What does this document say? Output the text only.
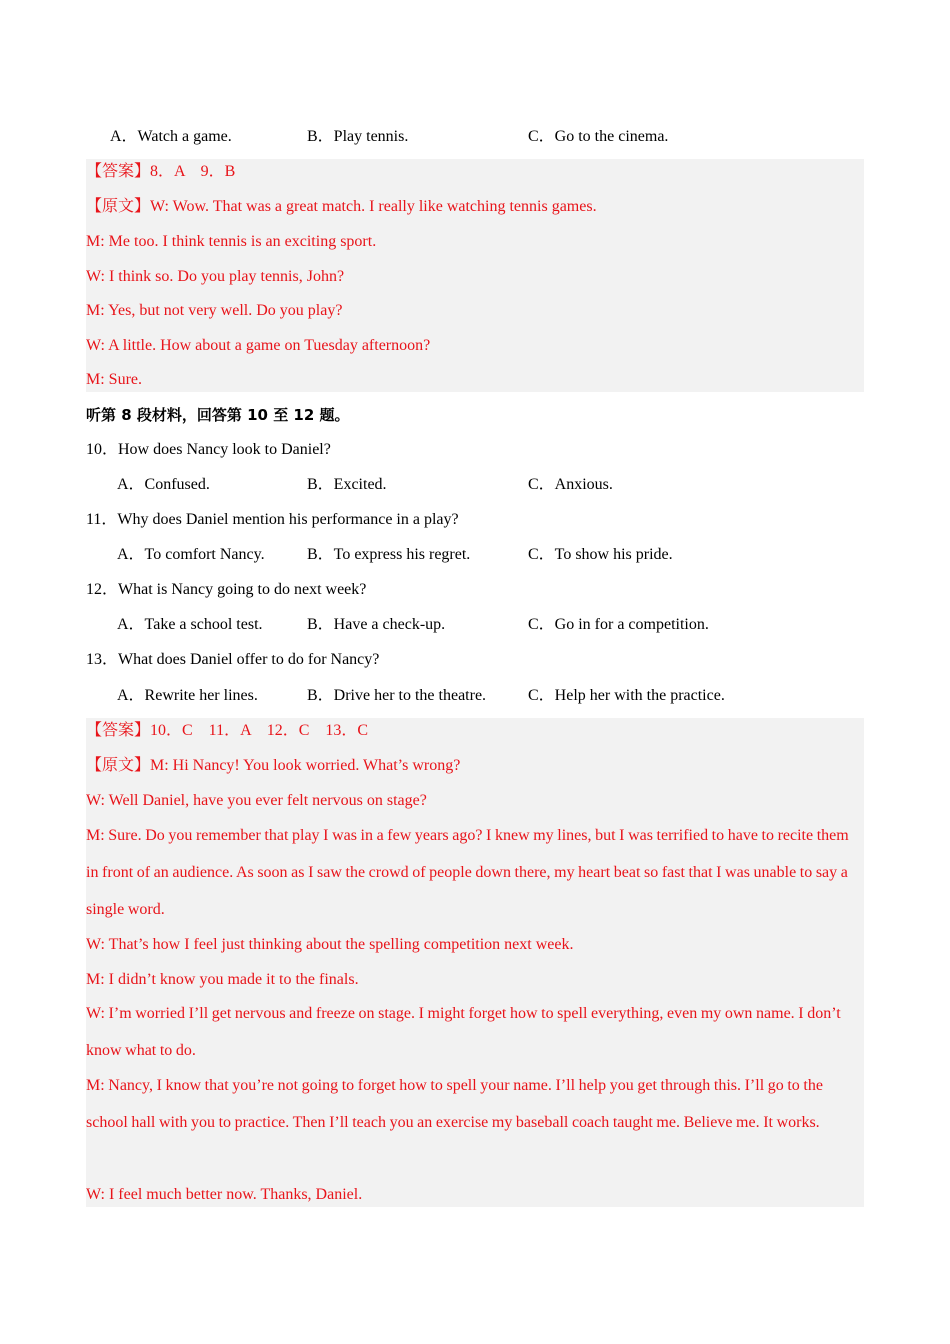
A．Watch a game.	B．Play tennis.	C．Go to the cinema.
【答案】8．A　9．B
【原文】W: Wow. That was a great match. I really like watching tennis games.
M: Me too. I think tennis is an exciting sport.
W: I think so. Do you play tennis, John?
M: Yes, but not very well. Do you play?
W: A little. How about a game on Tuesday afternoon?
M: Sure.
听第 8 段材料，回答第 10 至 12 题。
10．How does Nancy look to Daniel?
A．Confused.	B．Excited.	C．Anxious.
11．Why does Daniel mention his performance in a play?
A．To comfort Nancy.	B．To express his regret.	C．To show his pride.
12．What is Nancy going to do next week?
A．Take a school test.	B．Have a check-up.	C．Go in for a competition.
13．What does Daniel offer to do for Nancy?
A．Rewrite her lines.	B．Drive her to the theatre.	C．Help her with the practice.
【答案】10．C　11．A　12．C　13．C
【原文】M: Hi Nancy! You look worried. What’s wrong?
W: Well Daniel, have you ever felt nervous on stage?
M: Sure. Do you remember that play I was in a few years ago? I knew my lines, but I was terrified to have to recite them in front of an audience. As soon as I saw the crowd of people down there, my heart beat so fast that I was unable to say a single word.
W: That’s how I feel just thinking about the spelling competition next week.
M: I didn’t know you made it to the finals.
W: I’m worried I’ll get nervous and freeze on stage. I might forget how to spell everything, even my own name. I don’t know what to do.
M: Nancy, I know that you’re not going to forget how to spell your name. I’ll help you get through this. I’ll go to the school hall with you to practice. Then I’ll teach you an exercise my baseball coach taught me. Believe me. It works.
W: I feel much better now. Thanks, Daniel.
